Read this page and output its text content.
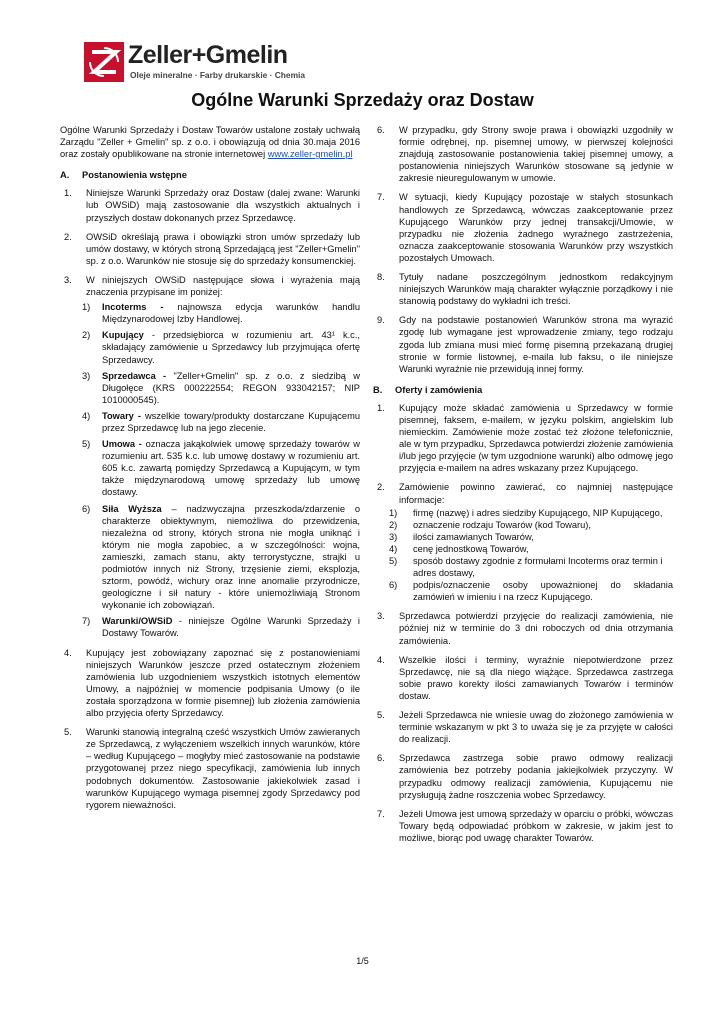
Zeller+Gmelin
Oleje mineralne · Farby drukarskie · Chemia
Ogólne Warunki Sprzedaży oraz Dostaw

Ogólne Warunki Sprzedaży i Dostaw Towarów ustalone zostały uchwałą Zarządu "Zeller + Gmelin" sp. z o.o. i obowiązują od dnia 30.maja 2016 oraz zostały opublikowane na stronie internetowej www.zeller-gmelin.pl

A. Postanowienia wstępne
1. Niniejsze Warunki Sprzedaży oraz Dostaw (dalej zwane: Warunki lub OWSiD) mają zastosowanie dla wszystkich aktualnych i przyszłych dostaw dokonanych przez Sprzedawcę.
2. OWSiD określają prawa i obowiązki stron umów sprzedaży lub umów dostawy, w których stroną Sprzedającą jest "Zeller+Gmelin" sp. z o.o. Warunków nie stosuje się do sprzedaży konsumenckiej.
3. W niniejszych OWSiD następujące słowa i wyrażenia mają znaczenia przypisane im poniżej:
1) Incoterms - najnowsza edycja warunków handlu Międzynarodowej Izby Handlowej.
2) Kupujący - przedsiębiorca w rozumieniu art. 43¹ k.c., składający zamówienie u Sprzedawcy lub przyjmująca ofertę Sprzedawcy.
3) Sprzedawca - "Zeller+Gmelin" sp. z o.o. z siedzibą w Długołęce (KRS 000222554; REGON 933042157; NIP 1010000545).
4) Towary - wszelkie towary/produkty dostarczane Kupującemu przez Sprzedawcę lub na jego zlecenie.
5) Umowa - oznacza jakąkolwiek umowę sprzedaży towarów w rozumieniu art. 535 k.c. lub umowę dostawy w rozumieniu art. 605 k.c. zawartą pomiędzy Sprzedawcą a Kupującym, w tym także międzynarodową umowę sprzedaży lub umowę dostawy.
6) Siła Wyższa – nadzwyczajna przeszkoda/zdarzenie o charakterze obiektywnym, niemożliwa do przewidzenia, niezależna od strony, których strona nie mogła uniknąć i którym nie mogła zapobiec, a w szczególności: wojna, zamieszki, zamach stanu, akty terrorystyczne, strajki u podmiotów innych niż Strony, trzęsienie ziemi, eksplozja, sztorm, powódź, wichury oraz inne anomalie przyrodnicze, geologiczne i sił natury - które uniemożliwiają Stronom wykonanie ich zobowiązań.
7) Warunki/OWSiD - niniejsze Ogólne Warunki Sprzedaży i Dostawy Towarów.
4. Kupujący jest zobowiązany zapoznać się z postanowieniami niniejszych Warunków jeszcze przed ostatecznym złożeniem zamówienia lub uzgodnieniem wszystkich istotnych elementów Umowy, a najpóźniej w momencie podpisania Umowy (o ile została sporządzona w formie pisemnej) lub złożenia zamówienia albo przyjęcia oferty Sprzedawcy.
5. Warunki stanowią integralną cześć wszystkich Umów zawieranych ze Sprzedawcą, z wyłączeniem wszelkich innych warunków, które – według Kupującego – mogłyby mieć zastosowanie na podstawie przygotowanej przez niego specyfikacji, zamówienia lub innych podobnych dokumentów. Zastosowanie jakiekolwiek zasad i warunków Kupującego wymaga pisemnej zgody Sprzedawcy pod rygorem nieważności.
6. W przypadku, gdy Strony swoje prawa i obowiązki uzgodniły w formie odrębnej, np. pisemnej umowy, w pierwszej kolejności znajdują zastosowanie postanowienia takiej pisemnej umowy, a postanowienia niniejszych Warunków stosowane są jedynie w zakresie nieuregulowanym w umowie.
7. W sytuacji, kiedy Kupujący pozostaje w stałych stosunkach handlowych ze Sprzedawcą, wówczas zaakceptowanie przez Kupującego Warunków przy jednej transakcji/Umowie, w przypadku nie złożenia żadnego wyraźnego zastrzeżenia, oznacza zaakceptowanie stosowania Warunków przy wszystkich pozostałych Umowach.
8. Tytuły nadane poszczególnym jednostkom redakcyjnym niniejszych Warunków mają charakter wyłącznie porządkowy i nie stanowią podstawy do wykładni ich treści.
9. Gdy na podstawie postanowień Warunków strona ma wyrazić zgodę lub wymagane jest wprowadzenie zmiany, tego rodzaju zgoda lub zmiana musi mieć formę pisemną przekazaną drugiej stronie w formie listownej, e-maila lub faksu, o ile niniejsze Warunki wyraźnie nie przewidują innej formy.
B. Oferty i zamówienia
1. Kupujący może składać zamówienia u Sprzedawcy w formie pisemnej, faksem, e-mailem, w języku polskim, angielskim lub niemieckim. Zamówienie może zostać też złożone telefonicznie, ale w tym przypadku, Sprzedawca potwierdzi złożenie zamówienia i/lub jego przyjęcie (w tym uzgodnione warunki) albo odmowę jego przyjęcia e-mailem na adres wskazany przez Kupującego.
2. Zamówienie powinno zawierać, co najmniej następujące informacje:
1) firmę (nazwę) i adres siedziby Kupującego, NIP Kupującego,
2) oznaczenie rodzaju Towarów (kod Towaru),
3) ilości zamawianych Towarów,
4) cenę jednostkową Towarów,
5) sposób dostawy zgodnie z formułami Incoterms oraz termin i adres dostawy,
6) podpis/oznaczenie osoby upoważnionej do składania zamówień w imieniu i na rzecz Kupującego.
3. Sprzedawca potwierdzi przyjęcie do realizacji zamówienia, nie później niż w terminie do 3 dni roboczych od dnia otrzymania zamówienia.
4. Wszelkie ilości i terminy, wyraźnie niepotwierdzone przez Sprzedawcę, nie są dla niego wiążące. Sprzedawca zastrzega sobie prawo korekty ilości zamawianych Towarów i terminów dostaw.
5. Jeżeli Sprzedawca nie wniesie uwag do złożonego zamówienia w terminie wskazanym w pkt 3 to uważa się je za przyjęte w całości do realizacji.
6. Sprzedawca zastrzega sobie prawo odmowy realizacji zamówienia bez potrzeby podania jakiejkolwiek przyczyny. W przypadku odmowy realizacji zamówienia, Kupującemu nie przysługują żadne roszczenia wobec Sprzedawcy.
7. Jeżeli Umowa jest umową sprzedaży w oparciu o próbki, wówczas Towary będą odpowiadać próbkom w zakresie, w jakim jest to możliwe, biorąc pod uwagę charakter Towarów.
1/5
